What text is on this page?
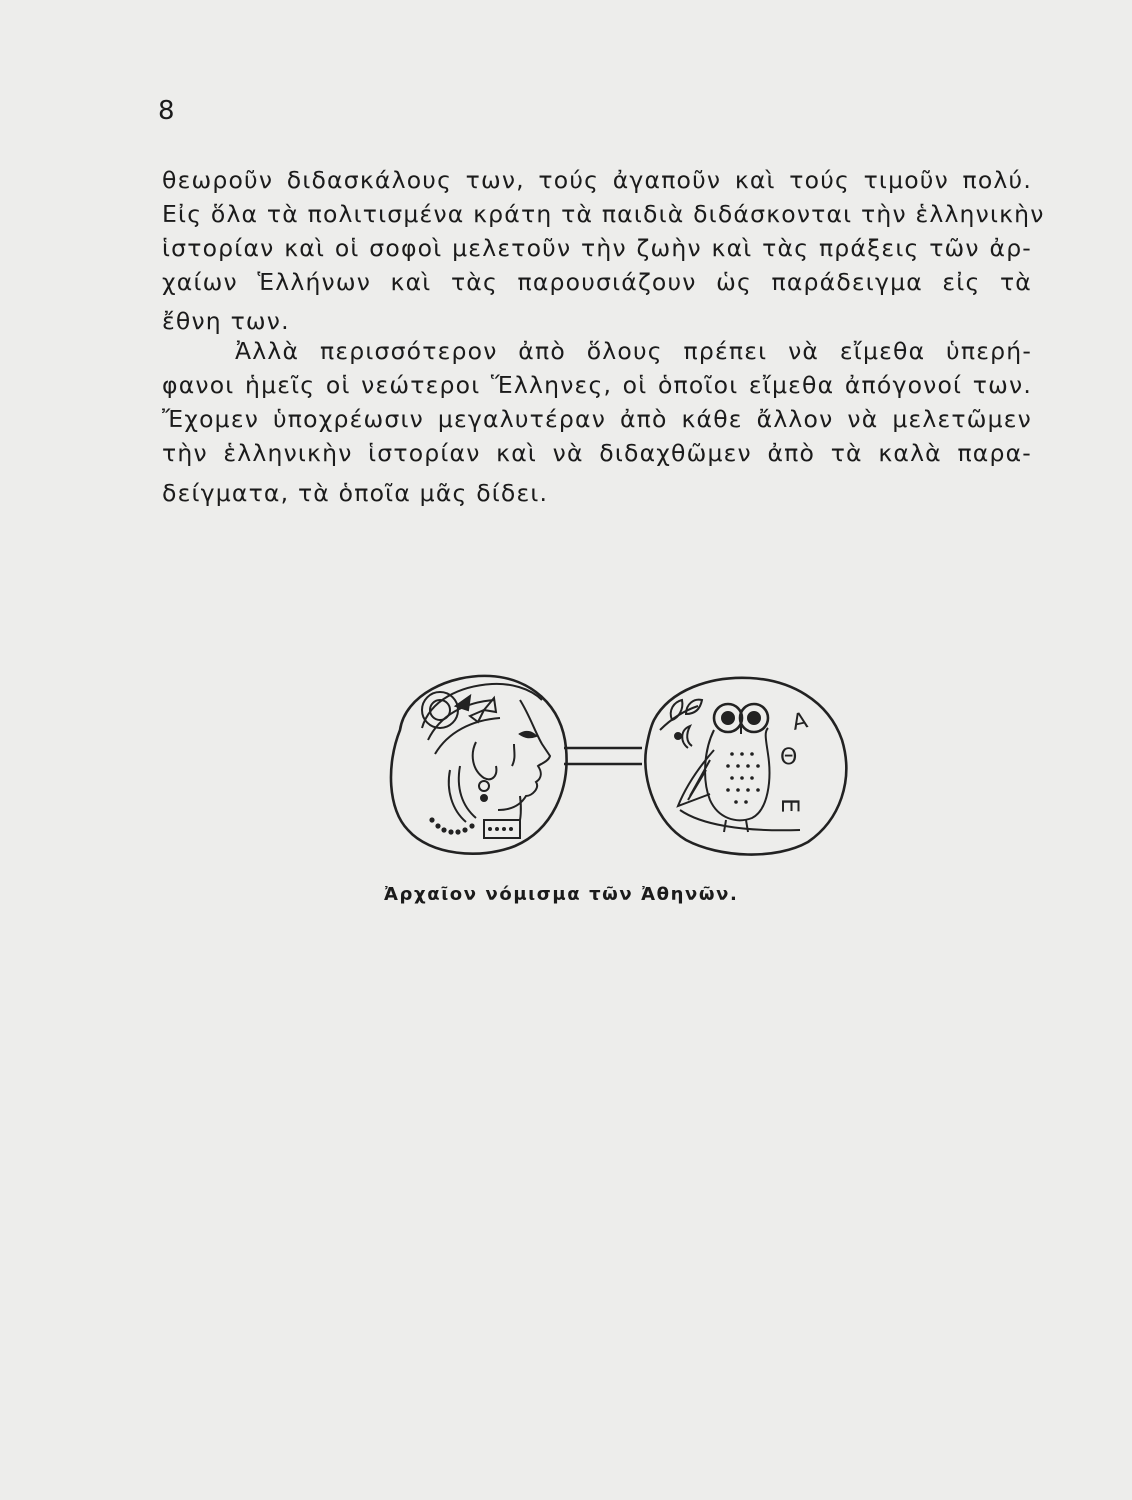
8
θεωροῦν διδασκάλους των, τούς ἀγαποῦν καὶ τούς τιμοῦν πολύ.
Εἰς ὅλα τὰ πολιτισμένα κράτη τὰ παιδιὰ διδάσκονται τὴν ἑλληνικὴν
ἱστορίαν καὶ οἱ σοφοὶ μελετοῦν τὴν ζωὴν καὶ τὰς πράξεις τῶν ἀρ-
χαίων Ἑλλήνων καὶ τὰς παρουσιάζουν ὡς παράδειγμα εἰς τὰ
ἔθνη των.
Ἀλλὰ περισσότερον ἀπὸ ὅλους πρέπει νὰ εἴμεθα ὑπερή-
φανοι ἡμεῖς οἱ νεώτεροι Ἕλληνες, οἱ ὁποῖοι εἴμεθα ἀπόγονοί των.
Ἔχομεν ὑποχρέωσιν μεγαλυτέραν ἀπὸ κάθε ἄλλον νὰ μελετῶμεν
τὴν ἑλληνικὴν ἱστορίαν καὶ νὰ διδαχθῶμεν ἀπὸ τὰ καλὰ παρα-
δείγματα, τὰ ὁποῖα μᾶς δίδει.
Α
Θ
Ε
Ἀρχαῖον νόμισμα τῶν Ἀθηνῶν.
